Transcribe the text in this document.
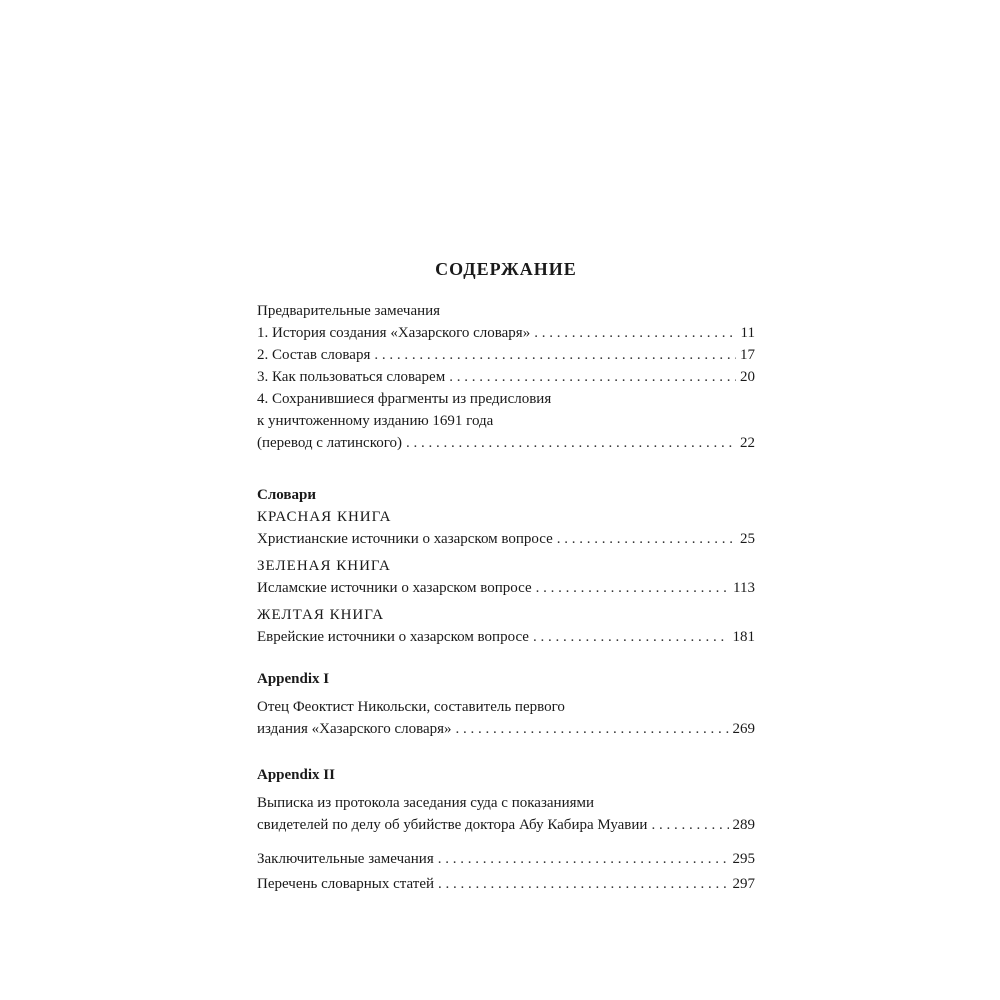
СОДЕРЖАНИЕ
Предварительные замечания
1. История создания «Хазарского словаря» . . .	11
2. Состав словаря . . .	17
3. Как пользоваться словарем . . .	20
4. Сохранившиеся фрагменты из предисловия
к уничтоженному изданию 1691 года
(перевод с латинского) . . .	22
Словари
КРАСНАЯ КНИГА
Христианские источники о хазарском вопросе . . .	25
ЗЕЛЕНАЯ КНИГА
Исламские источники о хазарском вопросе . . .	113
ЖЕЛТАЯ КНИГА
Еврейские источники о хазарском вопросе . . .	181
Appendix I
Отец Феоктист Никольски, составитель первого
издания «Хазарского словаря» . . .	269
Appendix II
Выписка из протокола заседания суда с показаниями
свидетелей по делу об убийстве доктора Абу Кабира Муавии . . .	289
Заключительные замечания . . .	295
Перечень словарных статей . . .	297
